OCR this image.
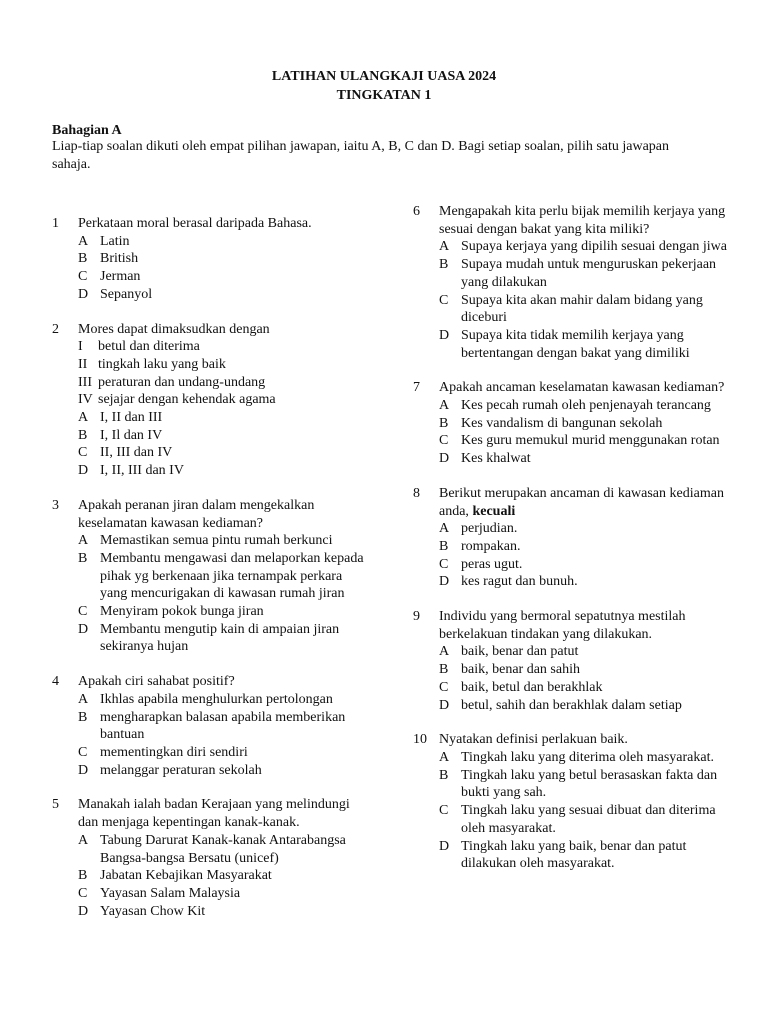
LATIHAN ULANGKAJI UASA 2024
TINGKATAN 1
Bahagian A
Liap-tiap soalan dikuti oleh empat pilihan jawapan, iaitu A, B, C dan D. Bagi setiap soalan, pilih satu jawapan sahaja.
1 Perkataan moral berasal daripada Bahasa.
A Latin
B British
C Jerman
D Sepanyol
2 Mores dapat dimaksudkan dengan
I betul dan diterima
II tingkah laku yang baik
III peraturan dan undang-undang
IV sejajar dengan kehendak agama
A I, II dan III
B I, Il dan IV
C II, III dan IV
D I, II, III dan IV
3 Apakah peranan jiran dalam mengekalkan keselamatan kawasan kediaman?
A Memastikan semua pintu rumah berkunci
B Membantu mengawasi dan melaporkan kepada pihak yg berkenaan jika ternampak perkara yang mencurigakan di kawasan rumah jiran
C Menyiram pokok bunga jiran
D Membantu mengutip kain di ampaian jiran sekiranya hujan
4 Apakah ciri sahabat positif?
A Ikhlas apabila menghulurkan pertolongan
B mengharapkan balasan apabila memberikan bantuan
C mementingkan diri sendiri
D melanggar peraturan sekolah
5 Manakah ialah badan Kerajaan yang melindungi dan menjaga kepentingan kanak-kanak.
A Tabung Darurat Kanak-kanak Antarabangsa Bangsa-bangsa Bersatu (unicef)
B Jabatan Kebajikan Masyarakat
C Yayasan Salam Malaysia
D Yayasan Chow Kit
6 Mengapakah kita perlu bijak memilih kerjaya yang sesuai dengan bakat yang kita miliki?
A Supaya kerjaya yang dipilih sesuai dengan jiwa
B Supaya mudah untuk menguruskan pekerjaan yang dilakukan
C Supaya kita akan mahir dalam bidang yang diceburi
D Supaya kita tidak memilih kerjaya yang bertentangan dengan bakat yang dimiliki
7 Apakah ancaman keselamatan kawasan kediaman?
A Kes pecah rumah oleh penjenayah terancang
B Kes vandalism di bangunan sekolah
C Kes guru memukul murid menggunakan rotan
D Kes khalwat
8 Berikut merupakan ancaman di kawasan kediaman anda, kecuali
A perjudian.
B rompakan.
C peras ugut.
D kes ragut dan bunuh.
9 Individu yang bermoral sepatutnya mestilah berkelakuan tindakan yang dilakukan.
A baik, benar dan patut
B baik, benar dan sahih
C baik, betul dan berakhlak
D betul, sahih dan berakhlak dalam setiap
10 Nyatakan definisi perlakuan baik.
A Tingkah laku yang diterima oleh masyarakat.
B Tingkah laku yang betul berasaskan fakta dan bukti yang sah.
C Tingkah laku yang sesuai dibuat dan diterima oleh masyarakat.
D Tingkah laku yang baik, benar dan patut dilakukan oleh masyarakat.
